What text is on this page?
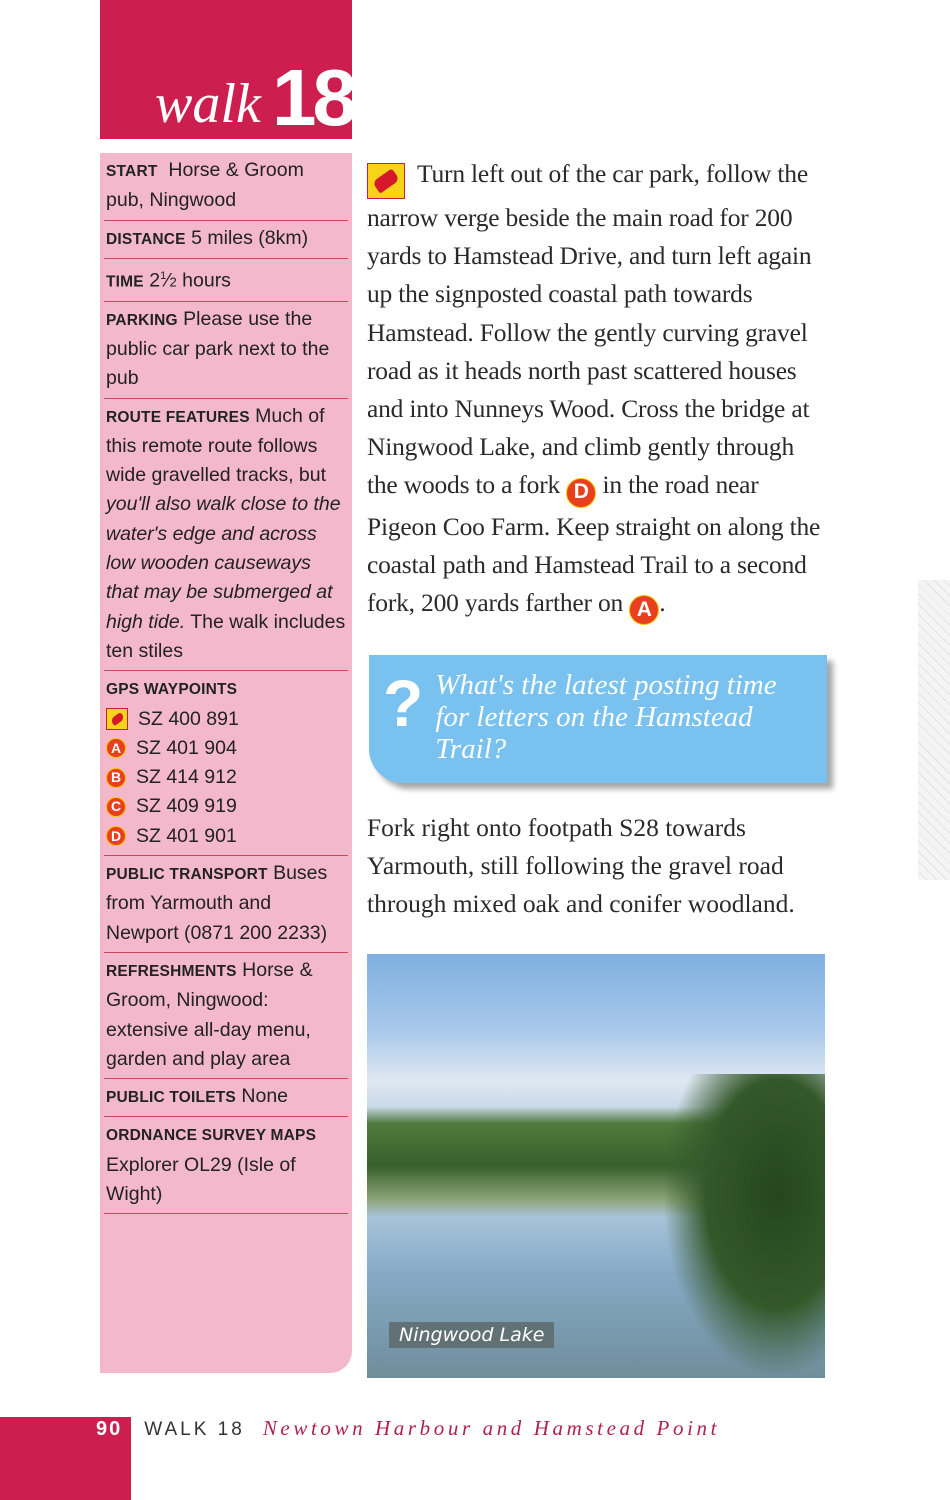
walk 18
START Horse & Groom pub, Ningwood
DISTANCE 5 miles (8km)
TIME $2^1⁄2$ hours
PARKING Please use the public car park next to the pub
ROUTE FEATURES Much of this remote route follows wide gravelled tracks, but you'll also walk close to the water's edge and across low wooden causeways that may be submerged at high tide. The walk includes ten stiles
GPS WAYPOINTS
SZ 400 891
A SZ 401 904
B SZ 414 912
C SZ 409 919
D SZ 401 901
PUBLIC TRANSPORT Buses from Yarmouth and Newport (0871 200 2233)
REFRESHMENTS Horse & Groom, Ningwood: extensive all-day menu, garden and play area
PUBLIC TOILETS None
ORDNANCE SURVEY MAPS
Explorer OL29 (Isle of Wight)
Turn left out of the car park, follow the narrow verge beside the main road for 200 yards to Hamstead Drive, and turn left again up the signposted coastal path towards Hamstead. Follow the gently curving gravel road as it heads north past scattered houses and into Nunneys Wood. Cross the bridge at Ningwood Lake, and climb gently through the woods to a fork D in the road near Pigeon Coo Farm. Keep straight on along the coastal path and Hamstead Trail to a second fork, 200 yards farther on A .
? What's the latest posting time for letters on the Hamstead Trail?
Fork right onto footpath S28 towards Yarmouth, still following the gravel road through mixed oak and conifer woodland.
Ningwood Lake
90 WALK 18 Newtown Harbour and Hamstead Point
